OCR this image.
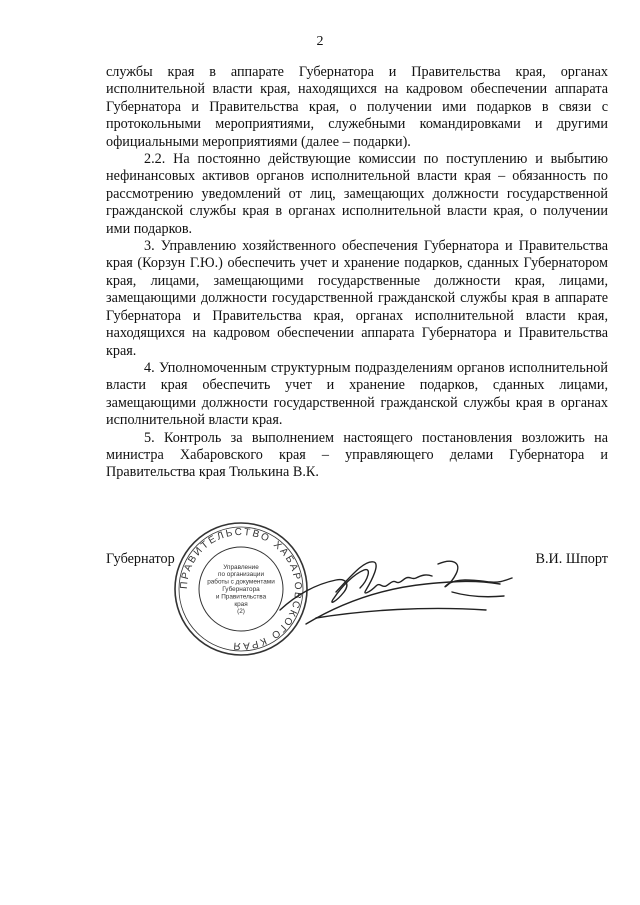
2

службы края в аппарате Губернатора и Правительства края, органах исполнительной власти края, находящихся на кадровом обеспечении аппарата Губернатора и Правительства края, о получении ими подарков в связи с протокольными мероприятиями, служебными командировками и другими официальными мероприятиями (далее – подарки).

2.2. На постоянно действующие комиссии по поступлению и выбытию нефинансовых активов органов исполнительной власти края – обязанность по рассмотрению уведомлений от лиц, замещающих должности государственной гражданской службы края в органах исполнительной власти края, о получении ими подарков.

3. Управлению хозяйственного обеспечения Губернатора и Правительства края (Корзун Г.Ю.) обеспечить учет и хранение подарков, сданных Губернатором края, лицами, замещающими государственные должности края, лицами, замещающими должности государственной гражданской службы края в аппарате Губернатора и Правительства края, органах исполнительной власти края, находящихся на кадровом обеспечении аппарата Губернатора и Правительства края.

4. Уполномоченным структурным подразделениям органов исполнительной власти края обеспечить учет и хранение подарков, сданных лицами, замещающими должности государственной гражданской службы края в органах исполнительной власти края.

5. Контроль за выполнением настоящего постановления возложить на министра Хабаровского края – управляющего делами Губернатора и Правительства края Тюлькина В.К.

Губернатор
ПРАВИТЕЛЬСТВО ХАБАРОВСКОГО КРАЯ
Управление
по организации
работы с документами
Губернатора
и Правительства
края
(2)
В.И. Шпорт
